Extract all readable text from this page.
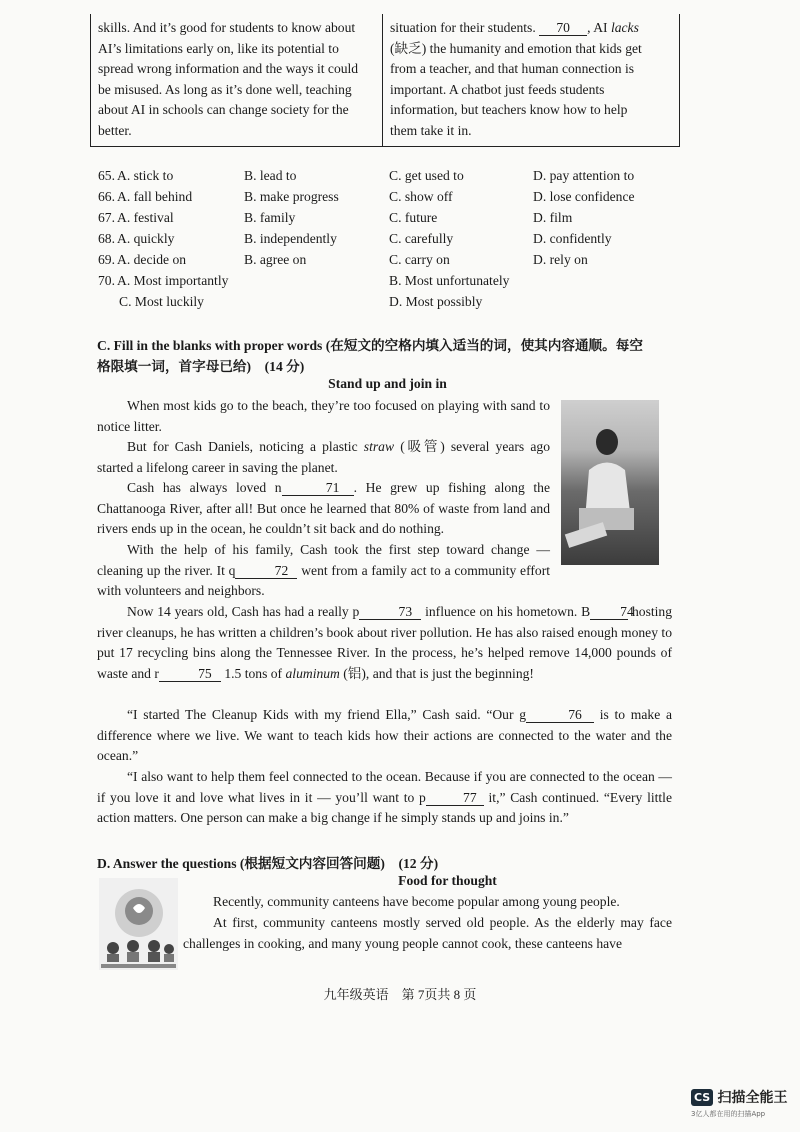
skills. And it’s good for students to know about
AI’s limitations early on, like its potential to
spread wrong information and the ways it could
be misused. As long as it’s done well, teaching
about AI in schools can change society for the
better.
situation for their students. 70 , AI lacks
(缺乏) the humanity and emotion that kids get
from a teacher, and that human connection is
important. A chatbot just feeds students
information, but teachers know how to help
them take it in.
65. A. stick to	B. lead to	C. get used to	D. pay attention to
66. A. fall behind	B. make progress	C. show off	D. lose confidence
67. A. festival	B. family	C. future	D. film
68. A. quickly	B. independently	C. carefully	D. confidently
69. A. decide on	B. agree on	C. carry on	D. rely on
70. A. Most importantly	B. Most unfortunately
C. Most luckily	D. Most possibly
C. Fill in the blanks with proper words (在短文的空格内填入适当的词，使其内容通顺。每空
格限填一词，首字母已给)　(14 分)
Stand up and join in
When most kids go to the beach, they’re too focused on playing with sand to notice litter.
But for Cash Daniels, noticing a plastic straw (吸管) several years ago started a lifelong career in saving the planet.
Cash has always loved n	71 . He grew up fishing along the Chattanooga River, after all! But once he learned that 80% of waste from land and rivers ends up in the ocean, he couldn’t sit back and do nothing.
With the help of his family, Cash took the first step toward change — cleaning up the river. It q	72 went from a family act to a community effort with volunteers and neighbors.
Now 14 years old, Cash has had a really p	73 influence on his hometown. B 74 hosting river cleanups, he has written a children’s book about river pollution. He has also raised enough money to put 17 recycling bins along the Tennessee River. In the process, he’s helped remove 14,000 pounds of waste and r	75 1.5 tons of aluminum (铝), and that is just the beginning!
“I started The Cleanup Kids with my friend Ella,” Cash said. “Our g	76 is to make a difference where we live. We want to teach kids how their actions are connected to the water and the ocean.”
“I also want to help them feel connected to the ocean. Because if you are connected to the ocean — if you love it and love what lives in it — you’ll want to p	77 it,” Cash continued. “Every little action matters. One person can make a big change if he simply stands up and joins in.”
D. Answer the questions (根据短文内容回答问题)　(12 分)
Food for thought
Recently, community canteens have become popular among young people.
At first, community canteens mostly served old people. As the elderly may face challenges in cooking, and many young people cannot cook, these canteens have
九年级英语　第 7页共 8 页
CS 扫描全能王
3亿人都在用的扫描App
